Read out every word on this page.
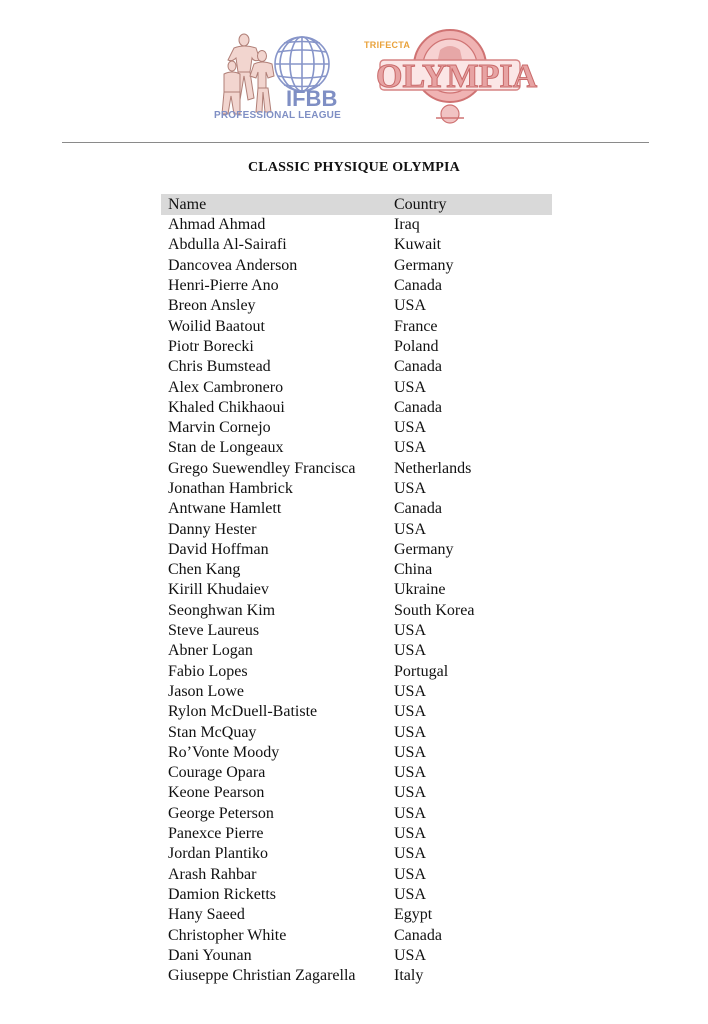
IFBB
PROFESSIONAL LEAGUE
TRIFECTA
OLYMPIA
CLASSIC PHYSIQUE OLYMPIA
Name	Country
Ahmad Ahmad	Iraq
Abdulla Al-Sairafi	Kuwait
Dancovea Anderson	Germany
Henri-Pierre Ano	Canada
Breon Ansley	USA
Woilid Baatout	France
Piotr Borecki	Poland
Chris Bumstead	Canada
Alex Cambronero	USA
Khaled Chikhaoui	Canada
Marvin Cornejo	USA
Stan de Longeaux	USA
Grego Suewendley Francisca	Netherlands
Jonathan Hambrick	USA
Antwane Hamlett	Canada
Danny Hester	USA
David Hoffman	Germany
Chen Kang	China
Kirill Khudaiev	Ukraine
Seonghwan Kim	South Korea
Steve Laureus	USA
Abner Logan	USA
Fabio Lopes	Portugal
Jason Lowe	USA
Rylon McDuell-Batiste	USA
Stan McQuay	USA
Ro’Vonte Moody	USA
Courage Opara	USA
Keone Pearson	USA
George Peterson	USA
Panexce Pierre	USA
Jordan Plantiko	USA
Arash Rahbar	USA
Damion Ricketts	USA
Hany Saeed	Egypt
Christopher White	Canada
Dani Younan	USA
Giuseppe Christian Zagarella	Italy
